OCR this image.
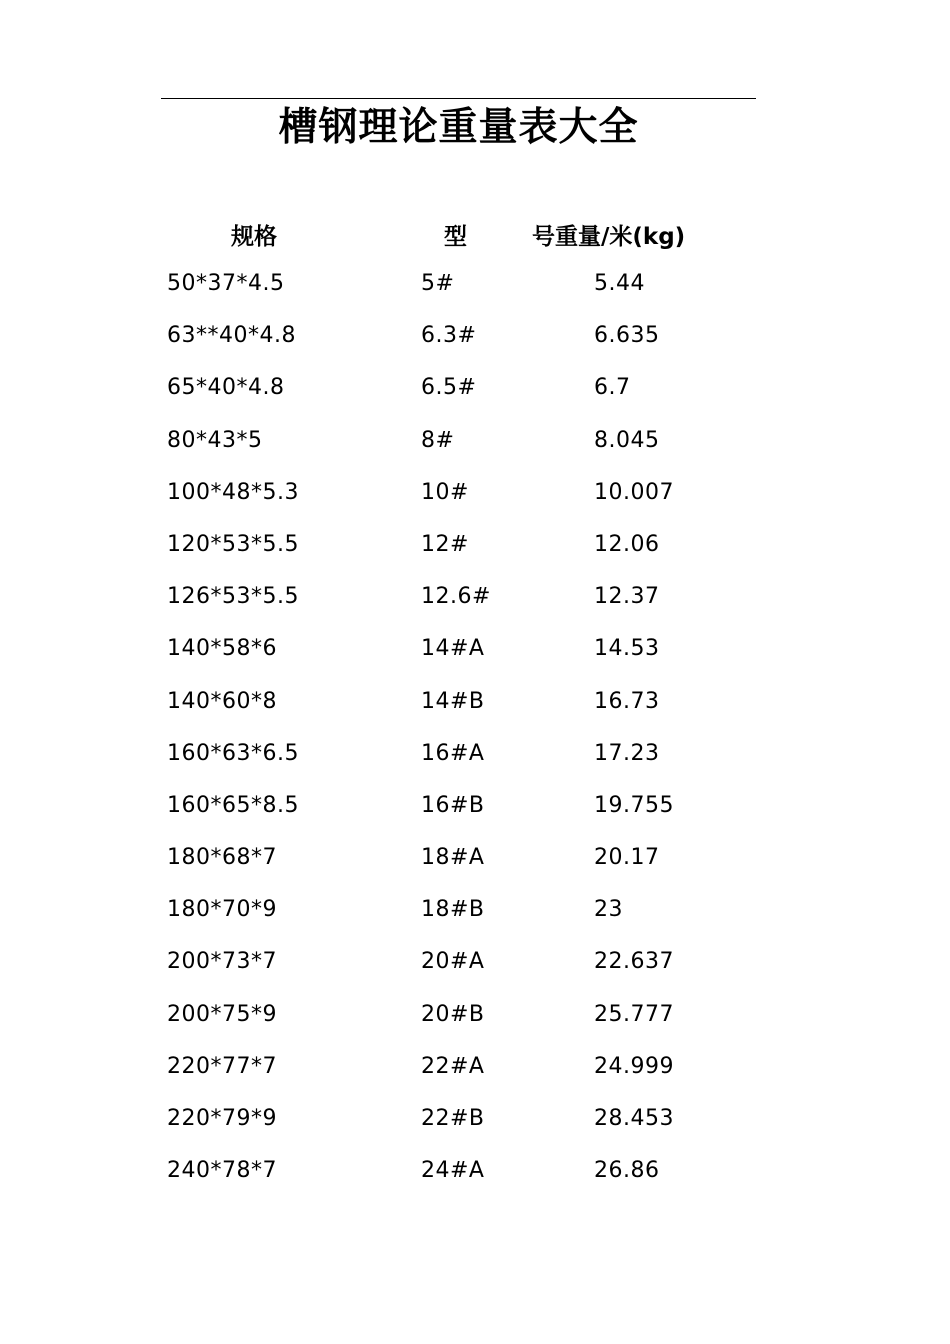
槽钢理论重量表大全
规格	型	号重量/米(kg)
50*37*4.5	5#	5.44
63**40*4.8	6.3#	6.635
65*40*4.8	6.5#	6.7
80*43*5	8#	8.045
100*48*5.3	10#	10.007
120*53*5.5	12#	12.06
126*53*5.5	12.6#	12.37
140*58*6	14#A	14.53
140*60*8	14#B	16.73
160*63*6.5	16#A	17.23
160*65*8.5	16#B	19.755
180*68*7	18#A	20.17
180*70*9	18#B	23
200*73*7	20#A	22.637
200*75*9	20#B	25.777
220*77*7	22#A	24.999
220*79*9	22#B	28.453
240*78*7	24#A	26.86
